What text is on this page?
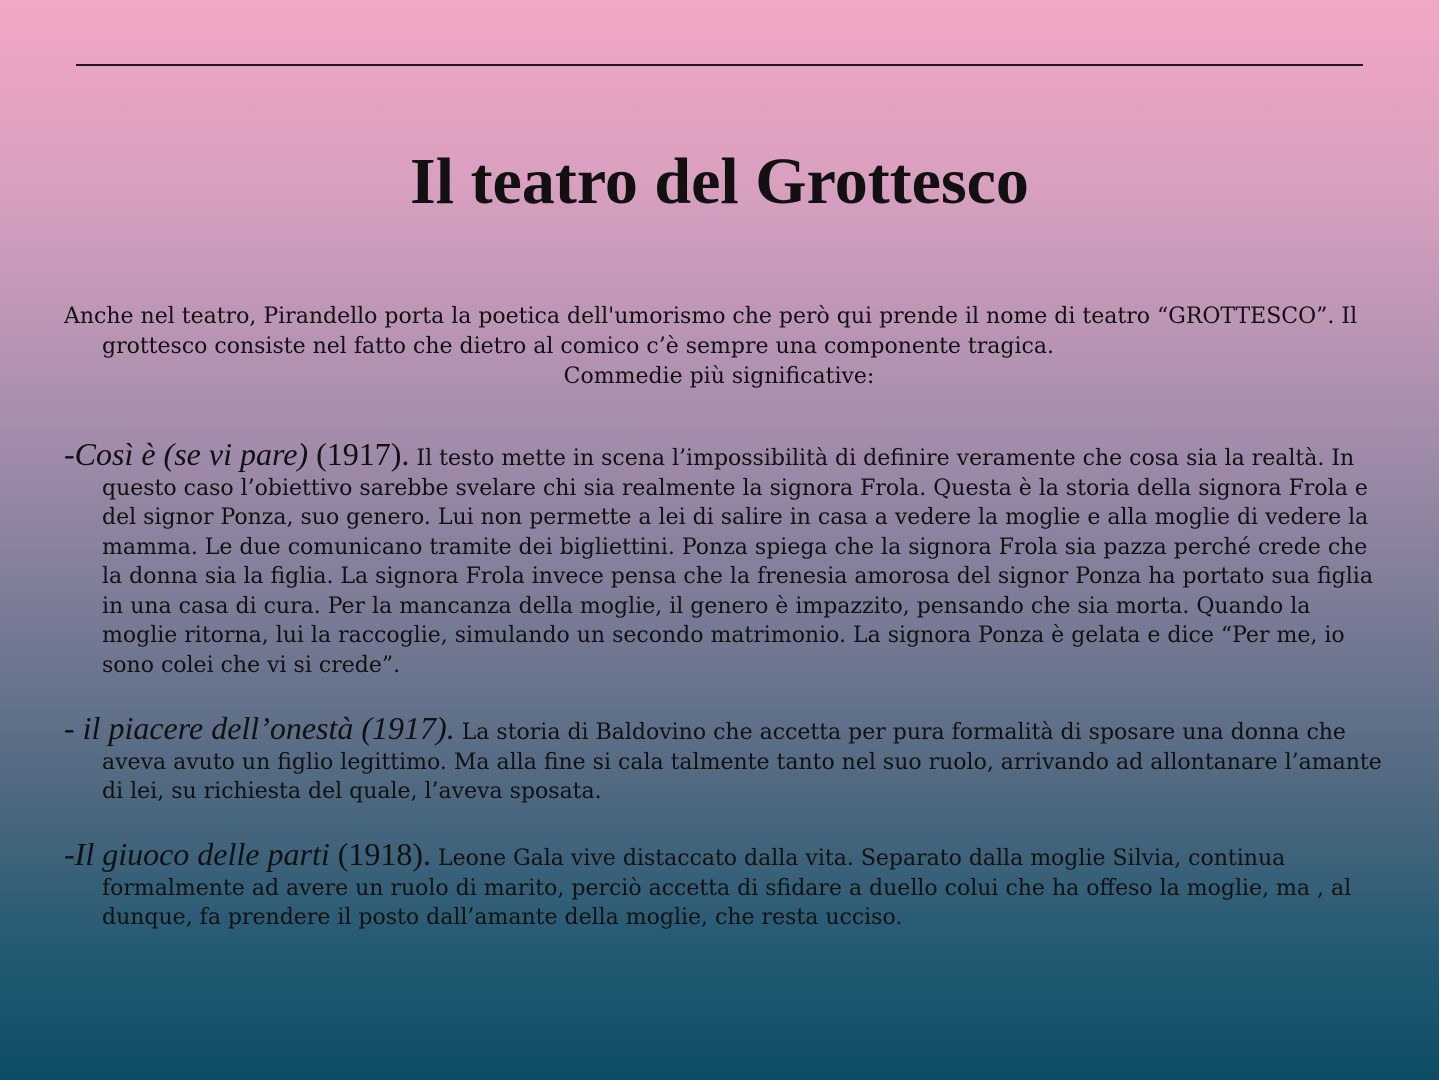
Il teatro del Grottesco

Anche nel teatro, Pirandello porta la poetica dell'umorismo che però qui prende il nome di teatro “GROTTESCO”. Il grottesco consiste nel fatto che dietro al comico c’è sempre una componente tragica.

Commedie più significative:

-Così è (se vi pare) (1917). Il testo mette in scena l’impossibilità di definire veramente che cosa sia la realtà. In questo caso l’obiettivo sarebbe svelare chi sia realmente la signora Frola. Questa è la storia della signora Frola e del signor Ponza, suo genero. Lui non permette a lei di salire in casa a vedere la moglie e alla moglie di vedere la mamma. Le due comunicano tramite dei bigliettini. Ponza spiega che la signora Frola sia pazza perché crede che la donna sia la figlia. La signora Frola invece pensa che la frenesia amorosa del signor Ponza ha portato sua figlia in una casa di cura. Per la mancanza della moglie, il genero è impazzito, pensando che sia morta. Quando la moglie ritorna, lui la raccoglie, simulando un secondo matrimonio. La signora Ponza è gelata e dice “Per me, io sono colei che vi si crede”.

- il piacere dell’onestà (1917). La storia di Baldovino che accetta per pura formalità di sposare una donna che aveva avuto un figlio legittimo. Ma alla fine si cala talmente tanto nel suo ruolo, arrivando ad allontanare l’amante di lei, su richiesta del quale, l’aveva sposata.

-Il giuoco delle parti (1918). Leone Gala vive distaccato dalla vita. Separato dalla moglie Silvia, continua formalmente ad avere un ruolo di marito, perciò accetta di sfidare a duello colui che ha offeso la moglie, ma , al dunque, fa prendere il posto dall’amante della moglie, che resta ucciso.
